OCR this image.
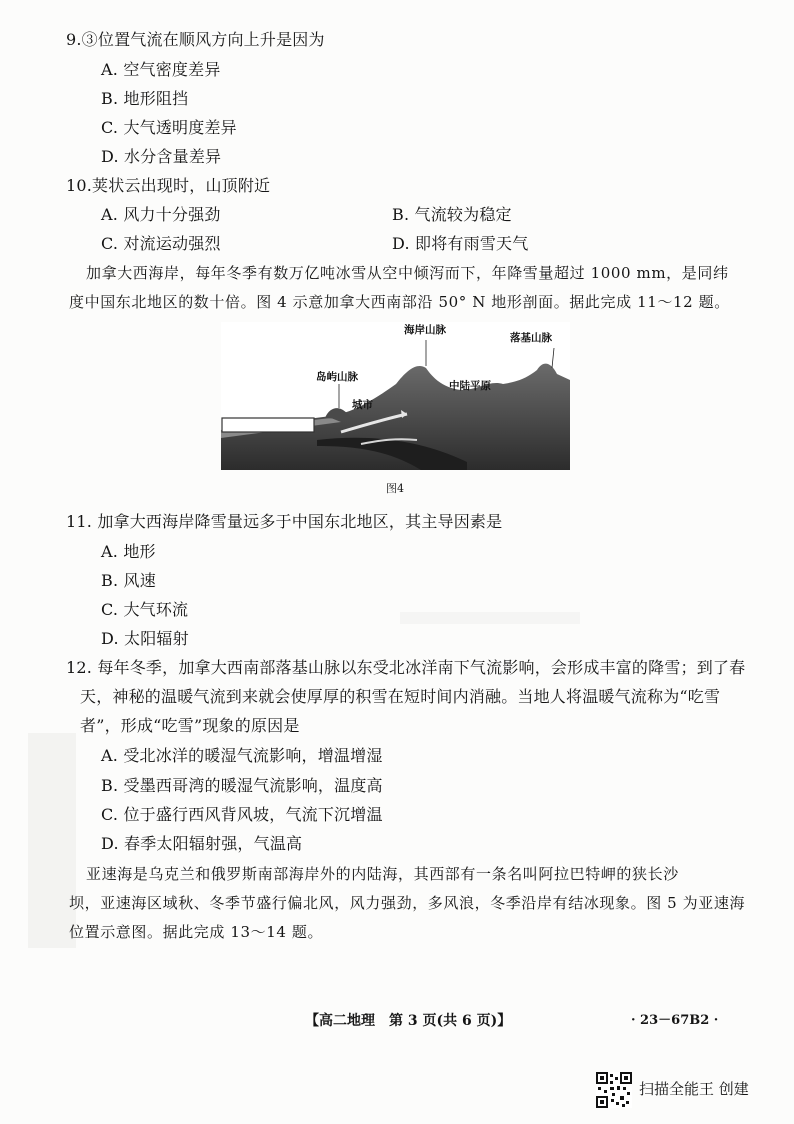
9.③位置气流在顺风方向上升是因为
A. 空气密度差异
B. 地形阻挡
C. 大气透明度差异
D. 水分含量差异
10.荚状云出现时，山顶附近
A. 风力十分强劲	B. 气流较为稳定
C. 对流运动强烈	D. 即将有雨雪天气
加拿大西海岸，每年冬季有数万亿吨冰雪从空中倾泻而下，年降雪量超过 1000 mm，是同纬
度中国东北地区的数十倍。图 4 示意加拿大西南部沿 50° N 地形剖面。据此完成 11～12 题。
海岸山脉
落基山脉
岛屿山脉
中陆平原
城市
图4
11. 加拿大西海岸降雪量远多于中国东北地区，其主导因素是
A. 地形
B. 风速
C. 大气环流
D. 太阳辐射
12. 每年冬季，加拿大西南部落基山脉以东受北冰洋南下气流影响，会形成丰富的降雪；到了春
天，神秘的温暖气流到来就会使厚厚的积雪在短时间内消融。当地人将温暖气流称为“吃雪
者”，形成“吃雪”现象的原因是
A. 受北冰洋的暖湿气流影响，增温增湿
B. 受墨西哥湾的暖湿气流影响，温度高
C. 位于盛行西风背风坡，气流下沉增温
D. 春季太阳辐射强，气温高
亚速海是乌克兰和俄罗斯南部海岸外的内陆海，其西部有一条名叫阿拉巴特岬的狭长沙
坝，亚速海区域秋、冬季节盛行偏北风，风力强劲，多风浪，冬季沿岸有结冰现象。图 5 为亚速海
位置示意图。据此完成 13～14 题。
【高二地理　第 3 页(共 6 页)】	· 23－67B2 ·
扫描全能王 创建
